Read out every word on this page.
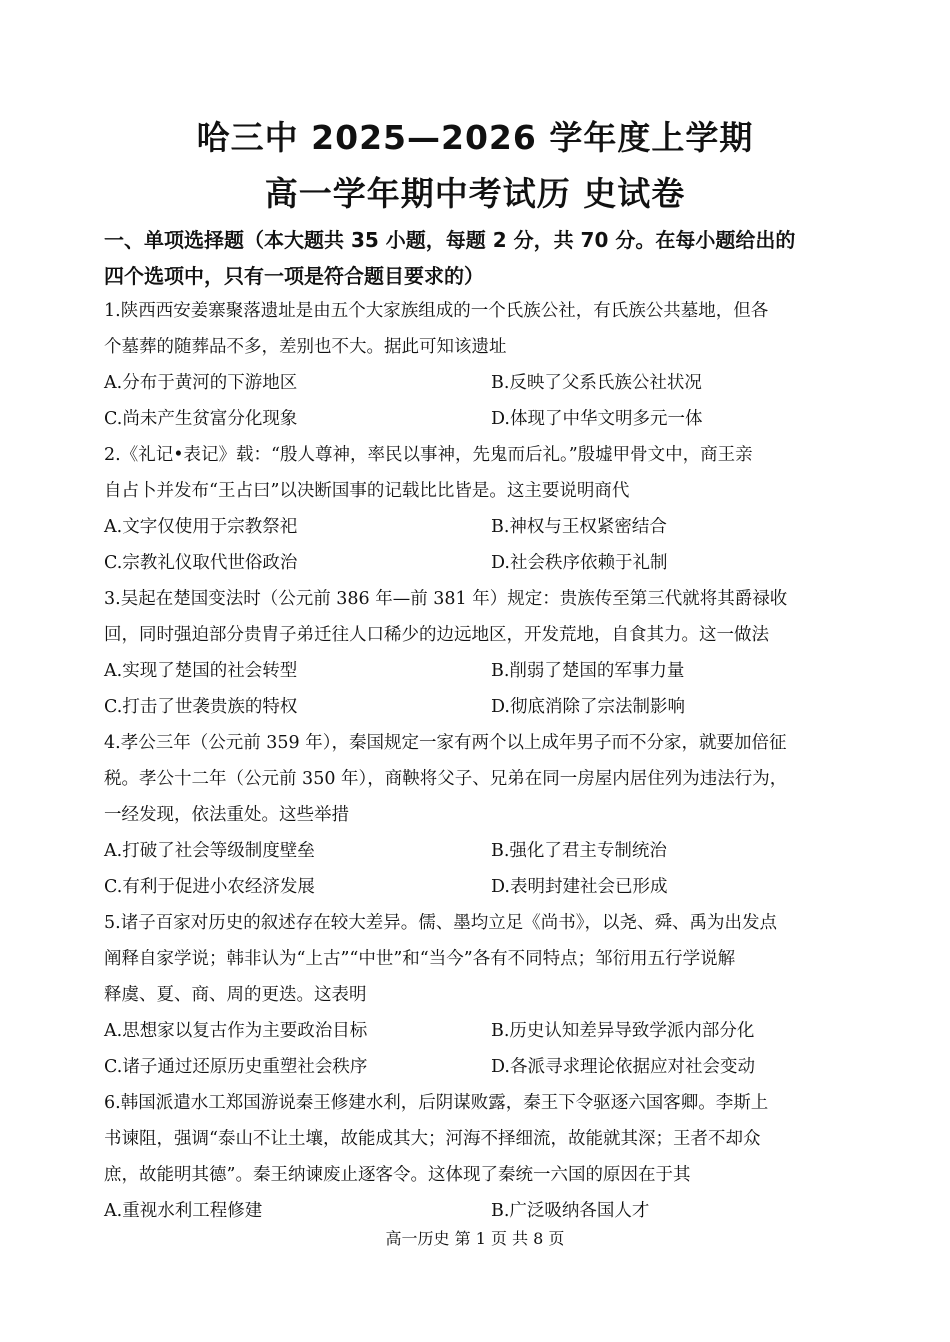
哈三中 2025—2026 学年度上学期
高一学年期中考试历 史试卷
一、单项选择题（本大题共 35 小题，每题 2 分，共 70 分。在每小题给出的
四个选项中，只有一项是符合题目要求的）
1.陕西西安姜寨聚落遗址是由五个大家族组成的一个氏族公社，有氏族公共墓地，但各
个墓葬的随葬品不多，差别也不大。据此可知该遗址
A.分布于黄河的下游地区	B.反映了父系氏族公社状况
C.尚未产生贫富分化现象	D.体现了中华文明多元一体
2.《礼记•表记》载：“殷人尊神，率民以事神，先鬼而后礼。”殷墟甲骨文中，商王亲
自占卜并发布“王占曰”以决断国事的记载比比皆是。这主要说明商代
A.文字仅使用于宗教祭祀	B.神权与王权紧密结合
C.宗教礼仪取代世俗政治	D.社会秩序依赖于礼制
3.吴起在楚国变法时（公元前 386 年—前 381 年）规定：贵族传至第三代就将其爵禄收
回，同时强迫部分贵胄子弟迁往人口稀少的边远地区，开发荒地，自食其力。这一做法
A.实现了楚国的社会转型	B.削弱了楚国的军事力量
C.打击了世袭贵族的特权	D.彻底消除了宗法制影响
4.孝公三年（公元前 359 年），秦国规定一家有两个以上成年男子而不分家，就要加倍征
税。孝公十二年（公元前 350 年），商鞅将父子、兄弟在同一房屋内居住列为违法行为，
一经发现，依法重处。这些举措
A.打破了社会等级制度壁垒	B.强化了君主专制统治
C.有利于促进小农经济发展	D.表明封建社会已形成
5.诸子百家对历史的叙述存在较大差异。儒、墨均立足《尚书》，以尧、舜、禹为出发点
阐释自家学说；韩非认为“上古”“中世”和“当今”各有不同特点；邹衍用五行学说解
释虞、夏、商、周的更迭。这表明
A.思想家以复古作为主要政治目标	B.历史认知差异导致学派内部分化
C.诸子通过还原历史重塑社会秩序	D.各派寻求理论依据应对社会变动
6.韩国派遣水工郑国游说秦王修建水利，后阴谋败露，秦王下令驱逐六国客卿。李斯上
书谏阻，强调“泰山不让土壤，故能成其大；河海不择细流，故能就其深；王者不却众
庶，故能明其德”。秦王纳谏废止逐客令。这体现了秦统一六国的原因在于其
A.重视水利工程修建	B.广泛吸纳各国人才
高一历史 第 1 页 共 8 页
